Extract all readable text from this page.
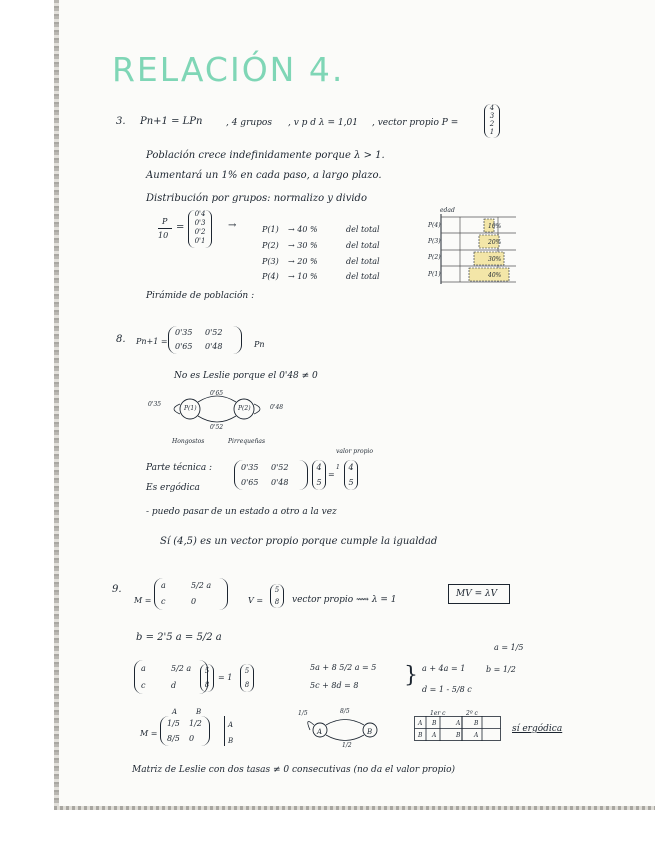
RELACIÓN 4.
3. Pn+1 = LPn	, 4 grupos , v p d λ = 1,01 , vector propio P =
4
3
2
1
Población crece indefinidamente porque λ > 1.
Aumentará un 1% en cada paso, a largo plazo.
Distribución por grupos: normalizo y divido
P
10
=
0'4
0'3
0'2
0'1
→	P(1) → 40 %	del total
P(2) → 30 %	del total
P(3) → 20 %	del total
P(4) → 10 %	del total
edad
P(4)
P(3)
P(2)
P(1)
10%
20%
30%
40%
Pirámide de población :
8. Pn+1 =
0'35 0'52
0'65 0'48	Pn
No es Leslie porque el 0'48 ≠ 0
P(1)	P(2)
0'35
0'65
0'52
0'48
Hongostos	Pirrequeñas
valor propio
Parte técnica :
Es ergódica
0'35 0'52
0'65 0'48
4
5
=
1	4
5
- puedo pasar de un estado a otro a la vez
Sí (4,5) es un vector propio porque cumple la igualdad
9.
M =
a	5/2 a
c	0	V =
5
8	vector propio ⟿ λ = 1
MV = λV
b = 2'5 a = 5/2 a
a	5/2 a
c	d
5
8
= 1
5
8
5a + 8 5/2 a = 5
5c + 8d = 8 } a + 4a = 1
d = 1 - 5/8 c
a = 1/5
b = 1/2
A	B
M =
1/5 1/2
8/5 0
A
B
1/5	8/5
1/2
A	B
1er c	2º c
A B	A B
B A	B A
sí ergódica
Matriz de Leslie con dos tasas ≠ 0 consecutivas (no da el valor propio)
